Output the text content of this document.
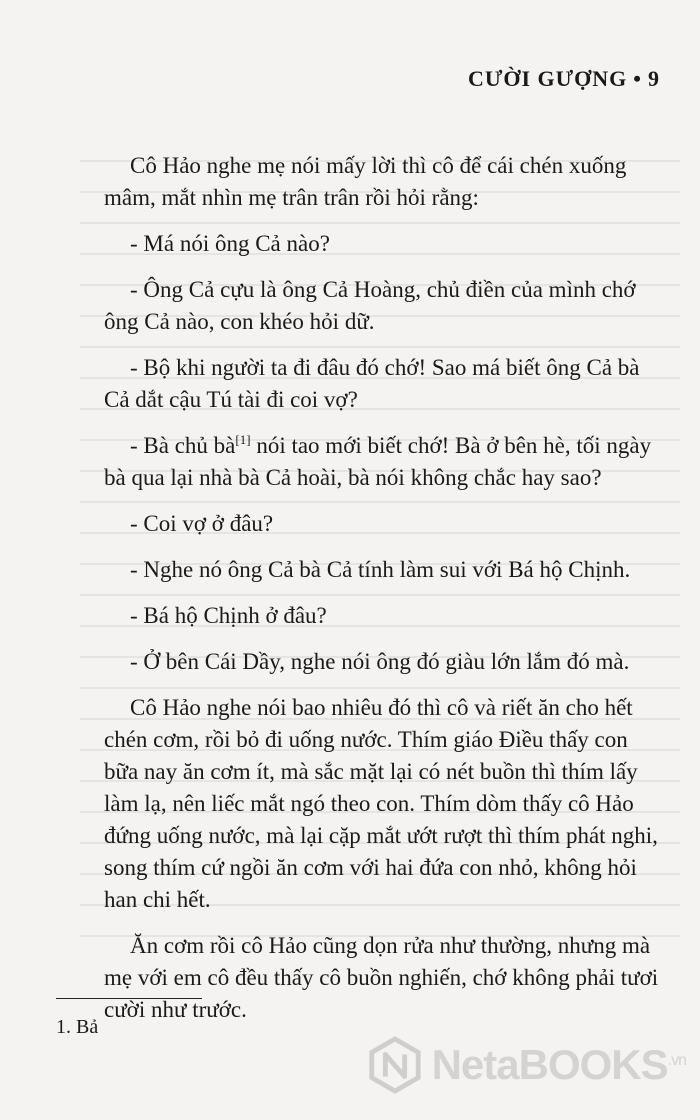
CƯỜI GƯỢNG • 9

Cô Hảo nghe mẹ nói mấy lời thì cô để cái chén xuống mâm, mắt nhìn mẹ trân trân rồi hỏi rằng:

- Má nói ông Cả nào?

- Ông Cả cựu là ông Cả Hoàng, chủ điền của mình chớ ông Cả nào, con khéo hỏi dữ.

- Bộ khi người ta đi đâu đó chớ! Sao má biết ông Cả bà Cả dắt cậu Tú tài đi coi vợ?

- Bà chủ bà[1] nói tao mới biết chớ! Bà ở bên hè, tối ngày bà qua lại nhà bà Cả hoài, bà nói không chắc hay sao?

- Coi vợ ở đâu?

- Nghe nó ông Cả bà Cả tính làm sui với Bá hộ Chịnh.

- Bá hộ Chịnh ở đâu?

- Ở bên Cái Dầy, nghe nói ông đó giàu lớn lắm đó mà.

Cô Hảo nghe nói bao nhiêu đó thì cô và riết ăn cho hết chén cơm, rồi bỏ đi uống nước. Thím giáo Điều thấy con bữa nay ăn cơm ít, mà sắc mặt lại có nét buồn thì thím lấy làm lạ, nên liếc mắt ngó theo con. Thím dòm thấy cô Hảo đứng uống nước, mà lại cặp mắt ướt rượt thì thím phát nghi, song thím cứ ngồi ăn cơm với hai đứa con nhỏ, không hỏi han chi hết.

Ăn cơm rồi cô Hảo cũng dọn rửa như thường, nhưng mà mẹ với em cô đều thấy cô buồn nghiến, chớ không phải tươi cười như trước.

1. Bả
NetaBOOKS$^{.vn}$
